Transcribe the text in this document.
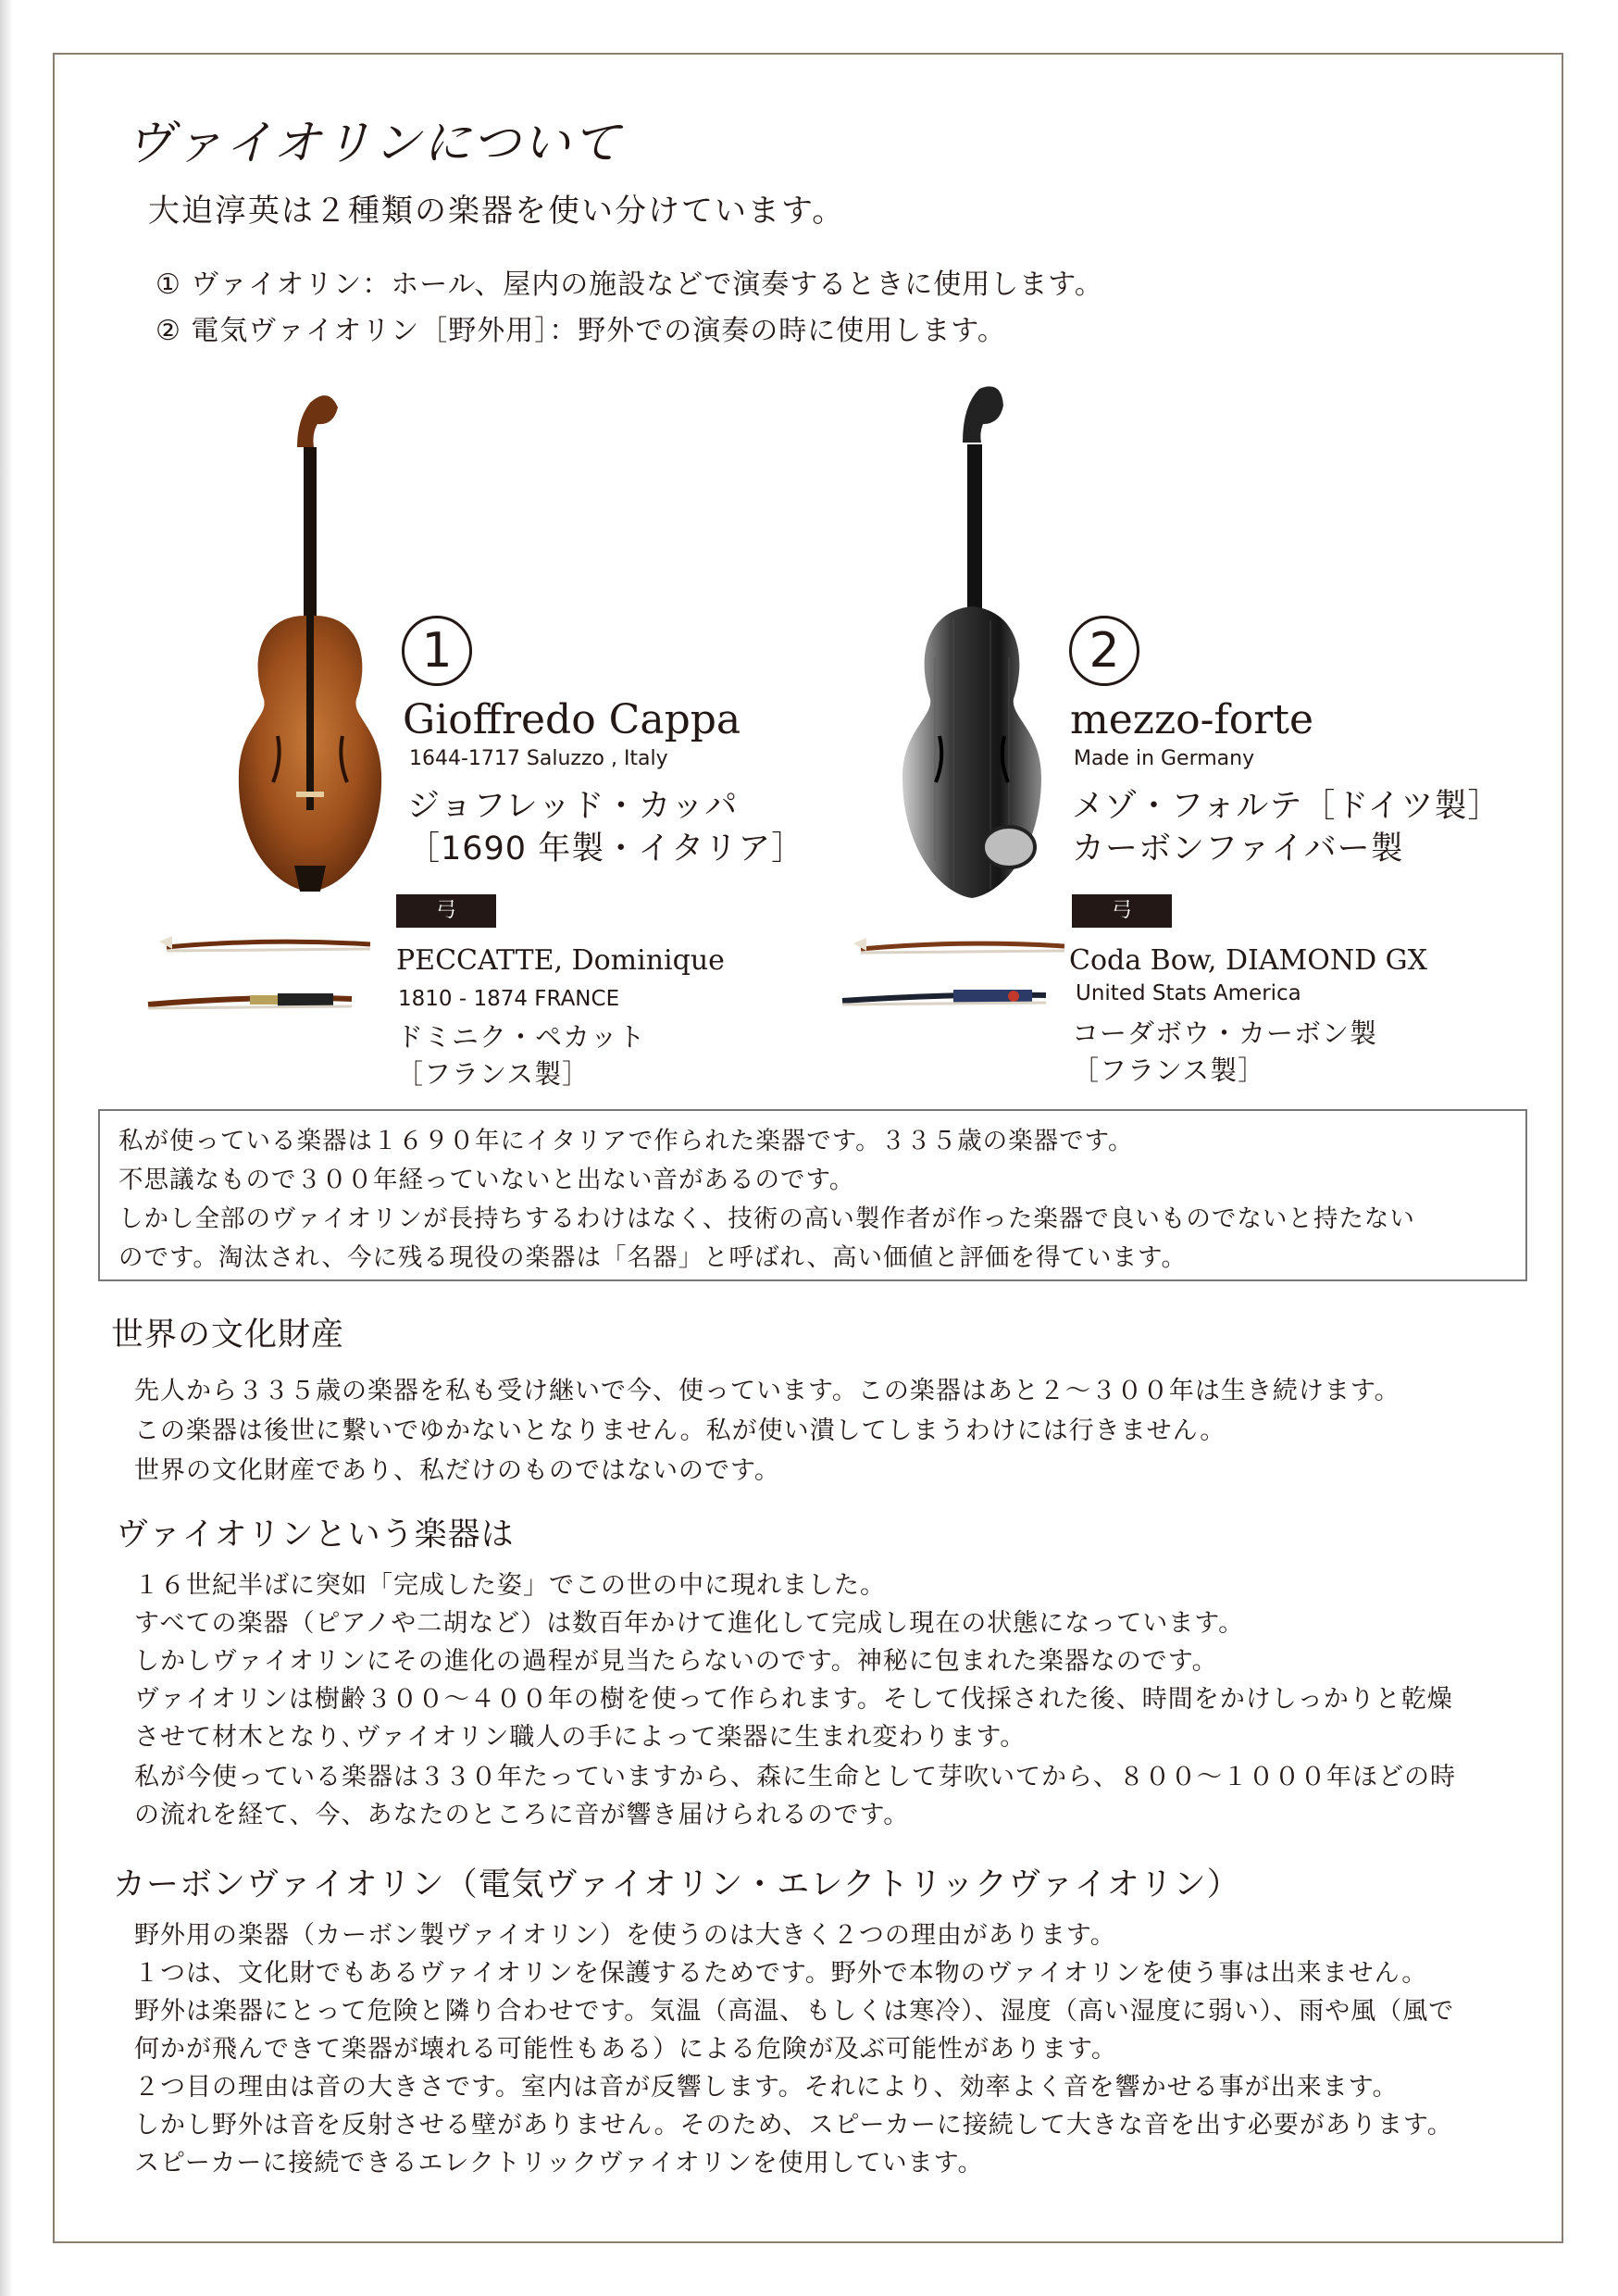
ヴァイオリンについて
大迫淳英は２種類の楽器を使い分けています。
① ヴァイオリン：ホール、屋内の施設などで演奏するときに使用します。
② 電気ヴァイオリン［野外用］：野外での演奏の時に使用します。
1
Gioffredo Cappa
1644-1717 Saluzzo , Italy
ジョフレッド・カッパ
［1690 年製・イタリア］
2
mezzo-forte
Made in Germany
メゾ・フォルテ［ドイツ製］
カーボンファイバー製
弓
PECCATTE, Dominique
1810 - 1874 FRANCE
ドミニク・ペカット
［フランス製］
弓
Coda Bow, DIAMOND GX
United Stats America
コーダボウ・カーボン製
［フランス製］
私が使っている楽器は１６９０年にイタリアで作られた楽器です。３３５歳の楽器です。
不思議なもので３００年経っていないと出ない音があるのです。
しかし全部のヴァイオリンが長持ちするわけはなく、技術の高い製作者が作った楽器で良いものでないと持たない
のです。淘汰され、今に残る現役の楽器は「名器」と呼ばれ、高い価値と評価を得ています。
世界の文化財産
先人から３３５歳の楽器を私も受け継いで今、使っています。この楽器はあと２〜３００年は生き続けます。
この楽器は後世に繋いでゆかないとなりません。私が使い潰してしまうわけには行きません。
世界の文化財産であり、私だけのものではないのです。
ヴァイオリンという楽器は
１６世紀半ばに突如「完成した姿」でこの世の中に現れました。
すべての楽器（ピアノや二胡など）は数百年かけて進化して完成し現在の状態になっています。
しかしヴァイオリンにその進化の過程が見当たらないのです。神秘に包まれた楽器なのです。
ヴァイオリンは樹齢３００〜４００年の樹を使って作られます。そして伐採された後、時間をかけしっかりと乾燥
させて材木となり､ヴァイオリン職人の手によって楽器に生まれ変わります。
私が今使っている楽器は３３０年たっていますから、森に生命として芽吹いてから、８００〜１０００年ほどの時
の流れを経て、今、あなたのところに音が響き届けられるのです。
カーボンヴァイオリン（電気ヴァイオリン・エレクトリックヴァイオリン）
野外用の楽器（カーボン製ヴァイオリン）を使うのは大きく２つの理由があります。
１つは、文化財でもあるヴァイオリンを保護するためです。野外で本物のヴァイオリンを使う事は出来ません。
野外は楽器にとって危険と隣り合わせです。気温（高温、もしくは寒冷）、湿度（高い湿度に弱い）、雨や風（風で
何かが飛んできて楽器が壊れる可能性もある）による危険が及ぶ可能性があります。
２つ目の理由は音の大きさです。室内は音が反響します。それにより、効率よく音を響かせる事が出来ます。
しかし野外は音を反射させる壁がありません。そのため、スピーカーに接続して大きな音を出す必要があります。
スピーカーに接続できるエレクトリックヴァイオリンを使用しています。
